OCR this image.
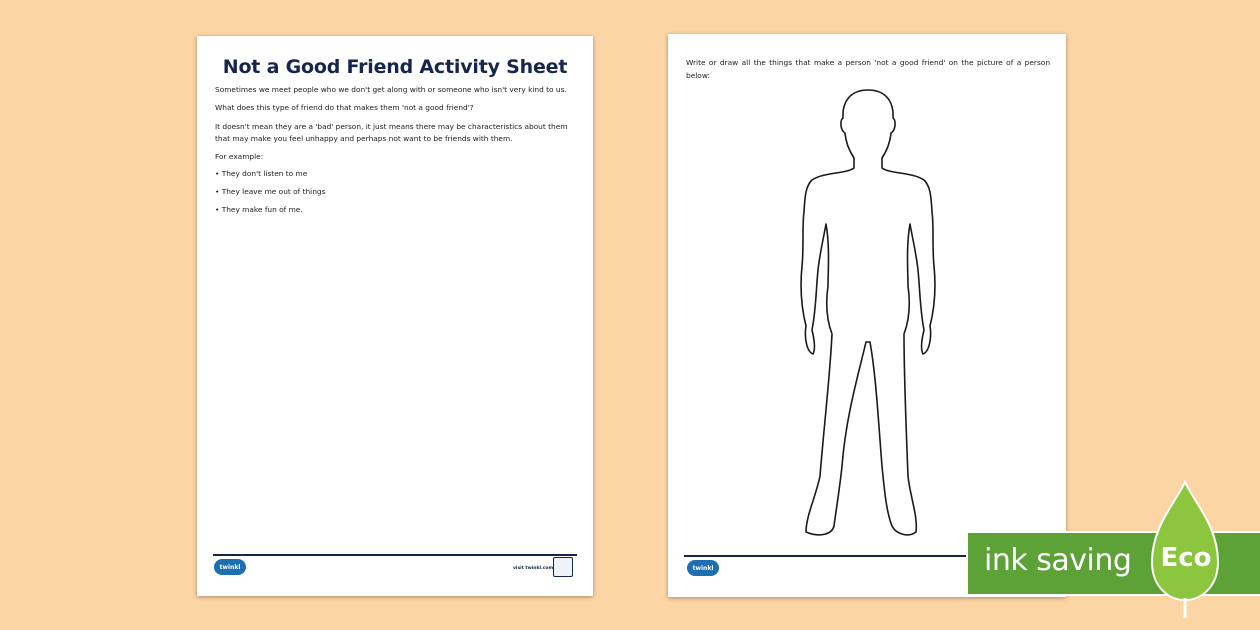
Not a Good Friend Activity Sheet
Sometimes we meet people who we don't get along with or someone who isn't very kind to us.
What does this type of friend do that makes them 'not a good friend'?
It doesn't mean they are a 'bad' person, it just means there may be characteristics about them that may make you feel unhappy and perhaps not want to be friends with them.
For example:
• They don't listen to me
• They leave me out of things
• They make fun of me.
twinkl	visit twinkl.com
Write or draw all the things that make a person 'not a good friend' on the picture of a person below:
twinkl	ink saving Eco
